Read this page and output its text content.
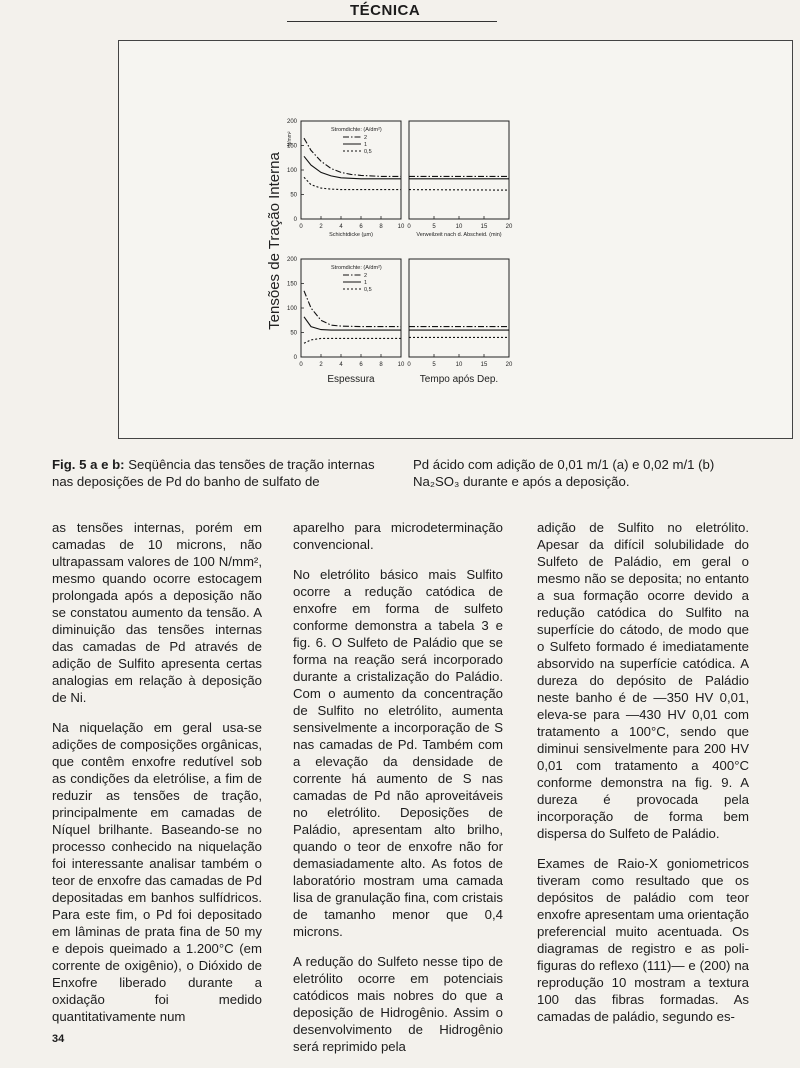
TÉCNICA
0	2	4	6	8 10
0
50
100
150
200
Schichtdicke (µm)
Stromdichte: (A/dm²)
2
1
0,5
0	5	10	15	20
Verweilzeit nach d. Abscheid. (min)
0	2	4	6	8 10
0
50
100
150
200
Espessura
Stromdichte: (A/dm²)
2
1
0,5
0	5	10	15	20
Tempo após Dep.
Tensões de Tração Interna
N/mm²
Fig. 5 a e b: Seqüência das tensões de tração internas nas deposições de Pd do banho de sulfato de
Pd ácido com adição de 0,01 m/1 (a) e 0,02 m/1 (b) Na₂SO₃ durante e após a deposição.

as tensões internas, porém em camadas de 10 microns, não ultrapassam valores de 100 N/mm², mesmo quando ocorre estocagem prolongada após a deposição não se constatou aumento da tensão. A diminuição das tensões internas das camadas de Pd através de adição de Sulfito apresenta certas analogias em relação à deposição de Ni.

Na niquelação em geral usa-se adições de composições orgânicas, que contêm enxofre redutível sob as condições da eletrólise, a fim de reduzir as tensões de tração, principalmente em camadas de Níquel brilhante. Baseando-se no processo conhecido na niquelação foi interessante analisar também o teor de enxofre das camadas de Pd depositadas em banhos sulfídricos. Para este fim, o Pd foi depositado em lâminas de prata fina de 50 my e depois queimado a 1.200°C (em corrente de oxigênio), o Dióxido de Enxofre liberado durante a oxidação foi medido quantitativamente num

aparelho para microdeterminação convencional.

No eletrólito básico mais Sulfito ocorre a redução catódica de enxofre em forma de sulfeto conforme demonstra a tabela 3 e fig. 6. O Sulfeto de Paládio que se forma na reação será incorporado durante a cristalização do Paládio. Com o aumento da concentração de Sulfito no eletrólito, aumenta sensivelmente a incorporação de S nas camadas de Pd. Também com a elevação da densidade de corrente há aumento de S nas camadas de Pd não aproveitáveis no eletrólito. Deposições de Paládio, apresentam alto brilho, quando o teor de enxofre não for demasiadamente alto. As fotos de laboratório mostram uma camada lisa de granulação fina, com cristais de tamanho menor que 0,4 microns.

A redução do Sulfeto nesse tipo de eletrólito ocorre em potenciais catódicos mais nobres do que a deposição de Hidrogênio. Assim o desenvolvimento de Hidrogênio será reprimido pela

adição de Sulfito no eletrólito. Apesar da difícil solubilidade do Sulfeto de Paládio, em geral o mesmo não se deposita; no entanto a sua formação ocorre devido a redução catódica do Sulfito na superfície do cátodo, de modo que o Sulfeto formado é imediatamente absorvido na superfície catódica. A dureza do depósito de Paládio neste banho é de —350 HV 0,01, eleva-se para —430 HV 0,01 com tratamento a 100°C, sendo que diminui sensivelmente para 200 HV 0,01 com tratamento a 400°C conforme demonstra na fig. 9. A dureza é provocada pela incorporação de forma bem dispersa do Sulfeto de Paládio.

Exames de Raio-X goniometricos tiveram como resultado que os depósitos de paládio com teor enxofre apresentam uma orientação preferencial muito acentuada. Os diagramas de registro e as poli-figuras do reflexo (111)— e (200) na reprodução 10 mostram a textura 100 das fibras formadas. As camadas de paládio, segundo es-

34
